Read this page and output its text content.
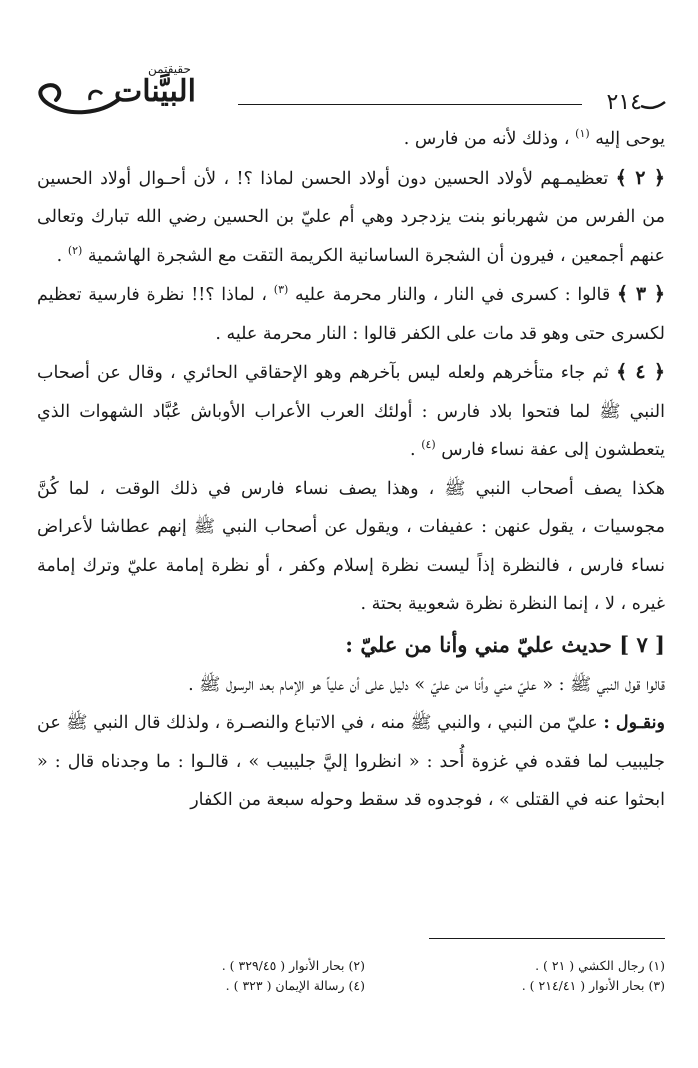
٢١٤
حقيقتمن
البيَّنات

يوحى إليه $^{(١)}$ ، وذلك لأنه من فارس .

﴿ ٢ ﴾ تعظيمـهم لأولاد الحسين دون أولاد الحسن لماذا ؟! ، لأن أحـوال أولاد الحسين من الفرس من شهربانو بنت يزدجرد وهي أم عليّ بن الحسين رضي الله تبارك وتعالى عنهم أجمعين ، فيرون أن الشجرة الساسانية الكريمة التقت مع الشجرة الهاشمية $^{(٢)}$ .

﴿ ٣ ﴾ قالوا : كسرى في النار ، والنار محرمة عليه $^{(٣)}$ ، لماذا ؟!! نظرة فارسية تعظيم لكسرى حتى وهو قد مات على الكفر قالوا : النار محرمة عليه .

﴿ ٤ ﴾ ثم جاء متأخرهم ولعله ليس بآخرهم وهو الإحقاقي الحائري ، وقال عن أصحاب النبي ﷺ لما فتحوا بلاد فارس : أولئك العرب الأعراب الأوباش عُبَّاد الشهوات الذي يتعطشون إلى عفة نساء فارس $^{(٤)}$ .

هكذا يصف أصحاب النبي ﷺ ، وهذا يصف نساء فارس في ذلك الوقت ، لما كُنَّ مجوسيات ، يقول عنهن : عفيفات ، ويقول عن أصحاب النبي ﷺ إنهم عطاشا لأعراض نساء فارس ، فالنظرة إذاً ليست نظرة إسلام وكفر ، أو نظرة إمامة عليّ وترك إمامة غيره ، لا ، إنما النظرة نظرة شعوبية بحتة .

[ ٧ ] حديث عليّ مني وأنا من عليّ :

قالوا قول النبي ﷺ : « عليّ مني وأنا من عليّ » دليل على أن علياً هو الإمام بعد الرسول ﷺ .

ونقـول : عليّ من النبي ، والنبي ﷺ منه ، في الاتباع والنصـرة ، ولذلك قال النبي ﷺ عن جليبيب لما فقده في غزوة أُحد : « انظروا إليَّ جليبيب » ، قالـوا : ما وجدناه قال : « ابحثوا عنه في القتلى » ، فوجدوه قد سقط وحوله سبعة من الكفار

(١) رجال الكشي ( ٢١ ) .
(٢) بحار الأنوار ( ٣٢٩/٤٥ ) .
(٣) بحار الأنوار ( ٢١٤/٤١ ) .
(٤) رسالة الإيمان ( ٣٢٣ ) .
